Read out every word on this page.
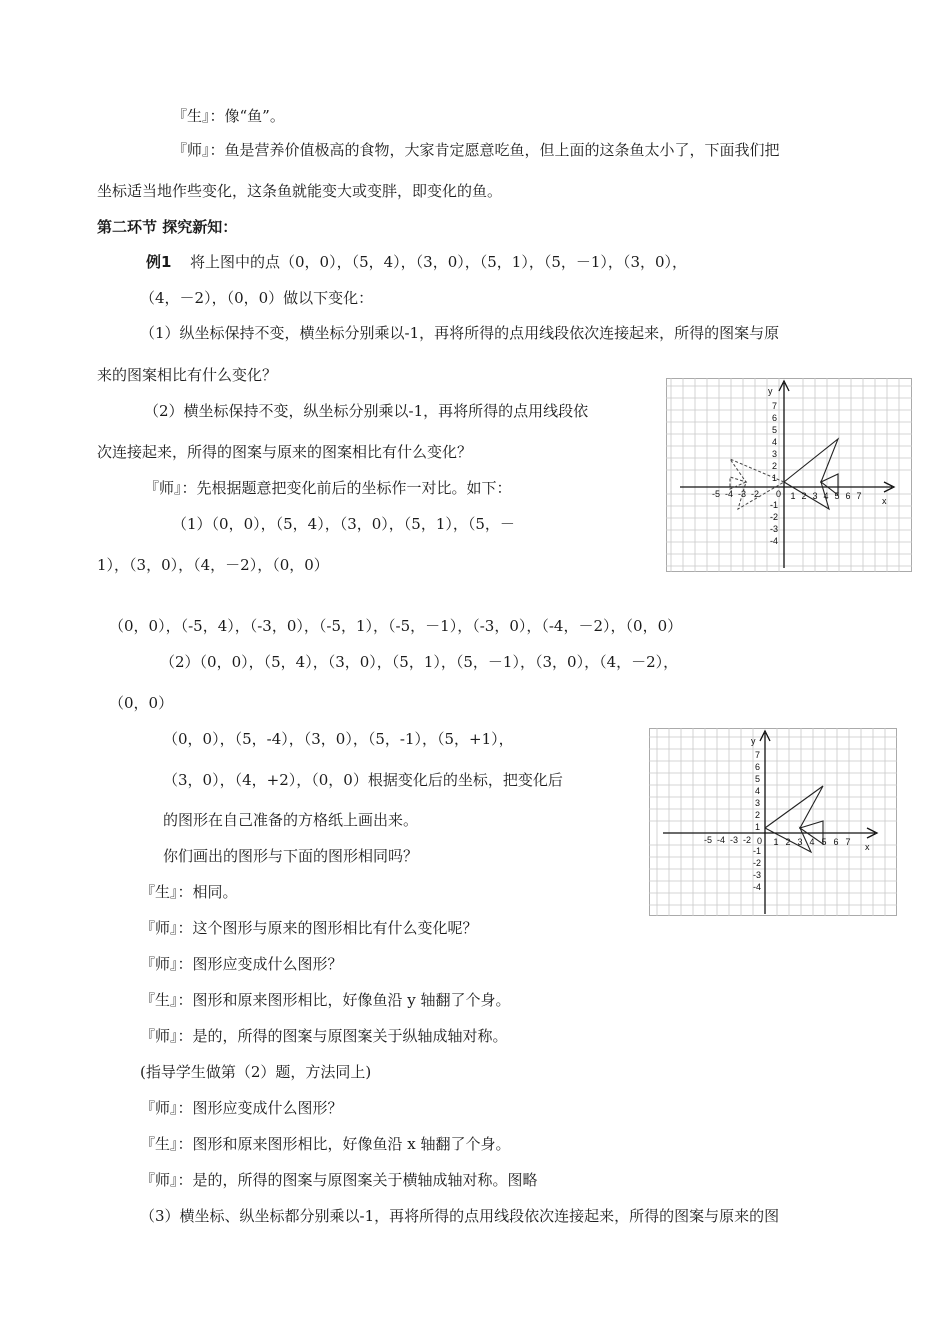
『生』：像“鱼”。
『师』：鱼是营养价值极高的食物，大家肯定愿意吃鱼，但上面的这条鱼太小了，下面我们把
坐标适当地作些变化，这条鱼就能变大或变胖，即变化的鱼。
第二环节 探究新知：
例1 将上图中的点（0，0），（5，4），（3，0），（5，1），（5，－1），（3，0），
（4，－2），（0，0）做以下变化：
（1）纵坐标保持不变，横坐标分别乘以-1，再将所得的点用线段依次连接起来，所得的图案与原
来的图案相比有什么变化？
（2）横坐标保持不变，纵坐标分别乘以-1，再将所得的点用线段依
次连接起来，所得的图案与原来的图案相比有什么变化？
『师』：先根据题意把变化前后的坐标作一对比。如下：
（1）（0，0），（5，4），（3，0），（5，1），（5，－
1），（3，0），（4，－2），（0，0）
（0，0），（-5，4），（-3，0），（-5，1），（-5，－1），（-3，0），（-4，－2），（0，0）
（2）（0，0），（5，4），（3，0），（5，1），（5，－1），（3，0），（4，－2），
（0，0）
（0，0），（5，-4），（3，0），（5，-1），（5，+1），
（3，0），（4，+2），（0，0）根据变化后的坐标，把变化后
的图形在自己准备的方格纸上画出来。
你们画出的图形与下面的图形相同吗？
『生』：相同。
『师』：这个图形与原来的图形相比有什么变化呢？
『师』：图形应变成什么图形？
『生』：图形和原来图形相比，好像鱼沿 y 轴翻了个身。
『师』：是的，所得的图案与原图案关于纵轴成轴对称。
(指导学生做第（2）题，方法同上)
『师』：图形应变成什么图形？
『生』：图形和原来图形相比，好像鱼沿 x 轴翻了个身。
『师』：是的，所得的图案与原图案关于横轴成轴对称。图略
（3）横坐标、纵坐标都分别乘以-1，再将所得的点用线段依次连接起来，所得的图案与原来的图
y
x
0
-5 -4 -3 -2	1 2 3 4 5 6 7
7
6
5
4
3
2
1
-1
-2
-3
-4
y
x
0
-5 -4 -3 -2 1 2 3 4 5 6 7
7
6
5
4
3
2
1
-1
-2
-3
-4
